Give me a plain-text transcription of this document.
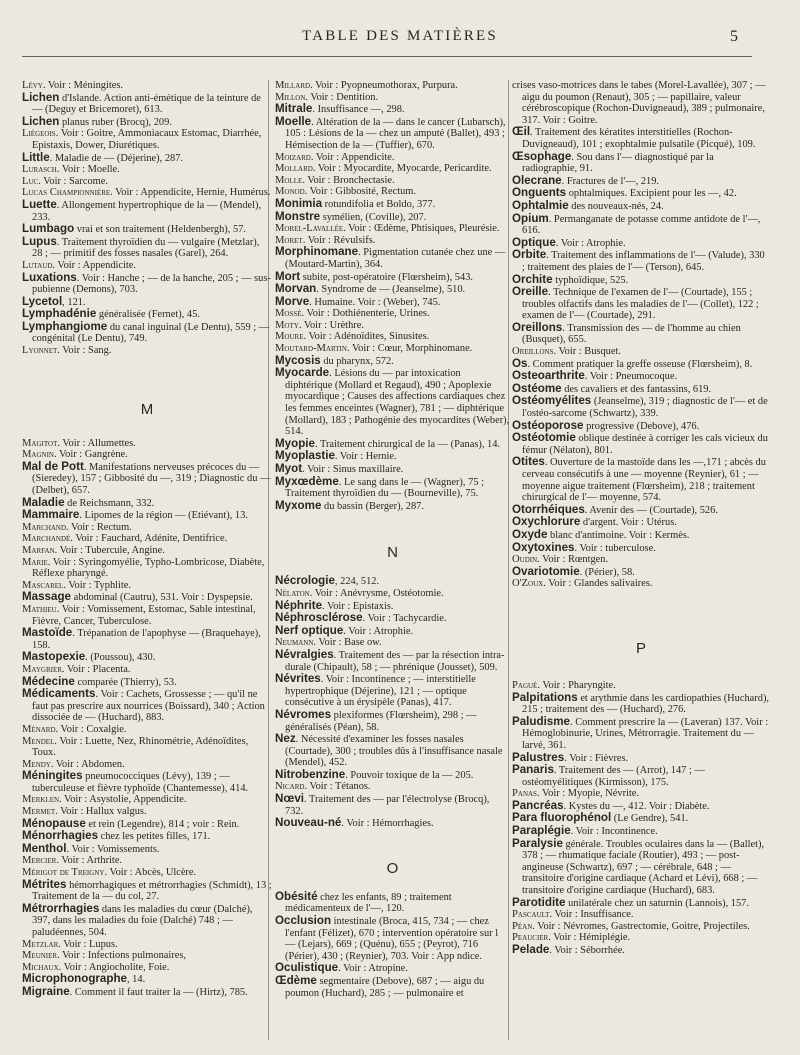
TABLE DES MATIÈRES	5

Lévy. Voir : Méningites.

Lichen d'Islande. Action anti-émétique de la teinture de — (Deguy et Bricemoret), 613.

Lichen planus ruber (Brocq), 209.

Liégeois. Voir : Goitre, Ammoniacaux Estomac, Diarrhée, Epistaxis, Dower, Diurétiques.

Little. Maladie de — (Déjerine), 287.

Lurasch. Voir : Moelle.

Luc. Voir : Sarcome.

Lucas Championnière. Voir : Appendicite, Hernie, Humérus.

Luette. Allongement hypertrophique de la — (Mendel), 233.

Lumbago vrai et son traitement (Heldenbergh), 57.

Lupus. Traitement thyroïdien du — vulgaire (Metzlar), 28 ; — primitif des fosses nasales (Garel), 264.

Lutaud. Voir : Appendicite.

Luxations. Voir : Hanche ; — de la hanche, 205 ; — sus-pubienne (Demons), 703.

Lycetol, 121.

Lymphadénie généralisée (Fernet), 45.

Lymphangiome du canal inguinal (Le Dentu), 559 ; — congénital (Le Dentu), 749.

Lyonnet. Voir : Sang.

M

Magitot. Voir : Allumettes.

Magnin. Voir : Gangrène.

Mal de Pott. Manifestations nerveuses précoces du — (Sieredey), 157 ; Gibbosité du —, 319 ; Diagnostic du — (Delbet), 657.

Maladie de Reichsmann, 332.

Mammaire. Lipomes de la région — (Etiévant), 13.

Marchand. Voir : Rectum.

Marchandé. Voir : Fauchard, Adénite, Dentifrice.

Marfan. Voir : Tubercule, Angine.

Marie. Voir : Syringomyélie, Typho-Lombricose, Diabète, Réflexe pharyngé.

Mascarel. Voir : Typhlite.

Massage abdominal (Cautru), 531. Voir : Dyspepsie.

Mathieu. Voir : Vomissement, Estomac, Sable intestinal, Fièvre, Cancer, Tuberculose.

Mastoïde. Trépanation de l'apophyse — (Braquehaye), 158.

Mastopexie. (Poussou), 430.

Maygrier. Voir : Placenta.

Médecine comparée (Thierry), 53.

Médicaments. Voir : Cachets, Grossesse ; — qu'il ne faut pas prescrire aux nourrices (Boissard), 340 ; Action dissociée de — (Huchard), 883.

Ménard. Voir : Coxalgie.

Mendel. Voir : Luette, Nez, Rhinométrie, Adénoïdites, Toux.

Mendy. Voir : Abdomen.

Méningites pneumococciques (Lévy), 139 ; — tuberculeuse et fièvre typhoïde (Chantemesse), 414.

Merklen. Voir : Asystolie, Appendicite.

Mermet. Voir : Hallux valgus.

Ménopause et rein (Legendre), 814 ; voir : Rein.

Ménorrhagies chez les petites filles, 171.

Menthol. Voir : Vomissements.

Mercier. Voir : Arthrite.

Mérigot de Treigny. Voir : Abcès, Ulcère.

Métrites hémorrhagiques et métrorrhagies (Schmidt), 13 ; Traitement de la — du col, 27.

Métrorrhagies dans les maladies du cœur (Dalché), 397, dans les maladies du foie (Dalché) 748 ; — paludéennes, 504.

Metzlar. Voir : Lupus.

Meunier. Voir : Infections pulmonaires,

Michaux. Voir : Angiocholite, Foie.

Microphonographe, 14.

Migraine. Comment il faut traiter la — (Hirtz), 785.

Millard. Voir : Pyopneumothorax, Purpura.

Millon. Voir : Dentition.

Mitrale. Insuffisance —, 298.

Moelle. Altération de la — dans le cancer (Lubarsch), 105 : Lésions de la — chez un amputé (Ballet), 493 ; Hémisection de la — (Tuffier), 670.

Moizard. Voir : Appendicite.

Mollard. Voir : Myocardite, Myocarde, Pericardite.

Molle. Voir : Bronchectasie.

Monod. Voir : Gibbosité, Rectum.

Monimia rotundifolia et Boldo, 377.

Monstre symélien, (Coville), 207.

Morel-Lavallée. Voir : Œdème, Phtisiques, Pleurésie.

Moret. Voir : Révulsifs.

Morphinomane. Pigmentation cutanée chez une — (Moutard-Martin), 364.

Mort subite, post-opératoire (Flœrsheim), 543.

Morvan. Syndrome de — (Jeanselme), 510.

Morve. Humaine. Voir : (Weber), 745.

Mossé. Voir : Dothiénenterie, Urines.

Moty. Voir : Urèthre.

Moure. Voir : Adénoïdites, Sinusites.

Moutard-Martin. Voir : Cœur, Morphinomane.

Mycosis du pharynx, 572.

Myocarde. Lésions du — par intoxication diphtérique (Mollard et Regaud), 490 ; Apoplexie myocardique ; Causes des affections cardiaques chez les femmes enceintes (Wagner), 781 ; — diphtérique (Mollard), 183 ; Pathogénie des myocardites (Weber), 514.

Myopie. Traitement chirurgical de la — (Panas), 14.

Myoplastie. Voir : Hernie.

Myot. Voir : Sinus maxillaire.

Myxœdème. Le sang dans le — (Wagner), 75 ; Traitement thyroïdien du — (Bourneville), 75.

Myxome du bassin (Berger), 287.

N

Nécrologie, 224, 512.

Nélaton. Voir : Anévrysme, Ostéotomie.

Néphrite. Voir : Epistaxis.

Néphrosclérose. Voir : Tachycardie.

Nerf optique. Voir : Atrophie.

Neumann. Voir : Base ow.

Névralgies. Traitement des — par la résection intra-durale (Chipault), 58 ; — phrénique (Jousset), 509.

Névrites. Voir : Incontinence ; — interstitielle hypertrophique (Déjerine), 121 ; — optique consécutive à un érysipèle (Panas), 417.

Névromes plexiformes (Flœrsheim), 298 ; — généralisés (Péan), 58.

Nez. Nécessité d'examiner les fosses nasales (Courtade), 300 ; troubles dûs à l'insuffisance nasale (Mendel), 452.

Nitrobenzine. Pouvoir toxique de la — 205.

Nicard. Voir : Tétanos.

Nœvi. Traitement des — par l'électrolyse (Brocq), 732.

Nouveau-né. Voir : Hémorrhagies.

O

Obésité chez les enfants, 89 ; traitement médicamenteux de l'—, 120.

Occlusion intestinale (Broca, 415, 734 ; — chez l'enfant (Félizet), 670 ; intervention opératoire sur l — (Lejars), 669 ; (Quénu), 655 ; (Peyrot), 716 (Périer), 430 ; (Reynier), 703. Voir : App ndice.

Oculistique. Voir : Atropine.

Œdème segmentaire (Debove), 687 ; — aigu du poumon (Huchard), 285 ; — pulmonaire et

crises vaso-motrices dans le tabes (Morel-Lavallée), 307 ; — aigu du poumon (Renaut), 305 ; — papillaire, valeur cérébroscopique (Rochon-Duvigneaud), 389 ; pulmonaire, 317. Voir : Goitre.

Œil. Traitement des kératites interstitielles (Rochon-Duvigneaud), 101 ; exophtalmie pulsatile (Picqué), 109.

Œsophage. Sou dans l'— diagnostiqué par la radiographie, 91.

Olecrane. Fractures de l'—, 219.

Onguents ophtalmiques. Excipient pour les —, 42.

Ophtalmie des nouveaux-nés, 24.

Opium. Permanganate de potasse comme antidote de l'—, 616.

Optique. Voir : Atrophie.

Orbite. Traitement des inflammations de l'— (Valude), 330 ; traitement des plaies de l'— (Terson), 645.

Orchite typhoïdique, 525.

Oreille. Technique de l'examen de l'— (Courtade), 155 ; troubles olfactifs dans les maladies de l'— (Collet), 122 ; examen de l'— (Courtade), 291.

Oreillons. Transmission des — de l'homme au chien (Busquet), 655.

Oreillons. Voir : Busquet.

Os. Comment pratiquer la greffe osseuse (Flœrsheim), 8.

Osteoarthrite. Voir : Pneumocoque.

Ostéome des cavaliers et des fantassins, 619.

Ostéomyélites (Jeanselme), 319 ; diagnostic de l'— et de l'ostéo-sarcome (Schwartz), 339.

Ostéoporose progressive (Debove), 476.

Ostéotomie oblique destinée à corriger les cals vicieux du fémur (Nélaton), 801.

Otites. Ouverture de la mastoïde dans les —,171 ; abcès du cerveau consécutifs à une — moyenne (Reynier), 61 ; — moyenne aigue traitement (Flœrsheim), 218 ; traitement chirurgical de l'— moyenne, 574.

Otorrhéiques. Avenir des — (Courtade), 526.

Oxychlorure d'argent. Voir : Utérus.

Oxyde blanc d'antimoine. Voir : Kermès.

Oxytoxines. Voir : tuberculose.

Oudin. Voir : Rœntgen.

Ovariotomie. (Périer), 58.

O'Zoux. Voir : Glandes salivaires.

P

Pagué. Voir : Pharyngite.

Palpitations et arythmie dans les cardiopathies (Huchard), 215 ; traitement des — (Huchard), 276.

Paludisme. Comment prescrire la — (Laveran) 137. Voir : Hémoglobinurie, Urines, Métrorragie. Traitement du — larvé, 361.

Palustres. Voir : Fièvres.

Panaris. Traitement des — (Arrot), 147 ; — ostéomyélitiques (Kirmisson), 175.

Panas. Voir : Myopie, Névrite.

Pancréas. Kystes du —, 412. Voir : Diabète.

Para fluorophénol (Le Gendre), 541.

Paraplégie. Voir : Incontinence.

Paralysie générale. Troubles oculaires dans la — (Ballet), 378 ; — rhumatique faciale (Routier), 493 ; — post-angineuse (Schwartz), 697 ; — cérébrale, 648 ; — transitoire d'origine cardiaque (Achard et Lévi), 668 ; — transitoire d'origine cardiaque (Huchard), 683.

Parotidite unilatérale chez un saturnin (Lannois), 157.

Pascault. Voir : Insuffisance.

Péan. Voir : Névromes, Gastrectomie, Goitre, Projectiles.

Peaucier. Voir : Hémiplégie.

Pelade. Voir : Séborrhée.
